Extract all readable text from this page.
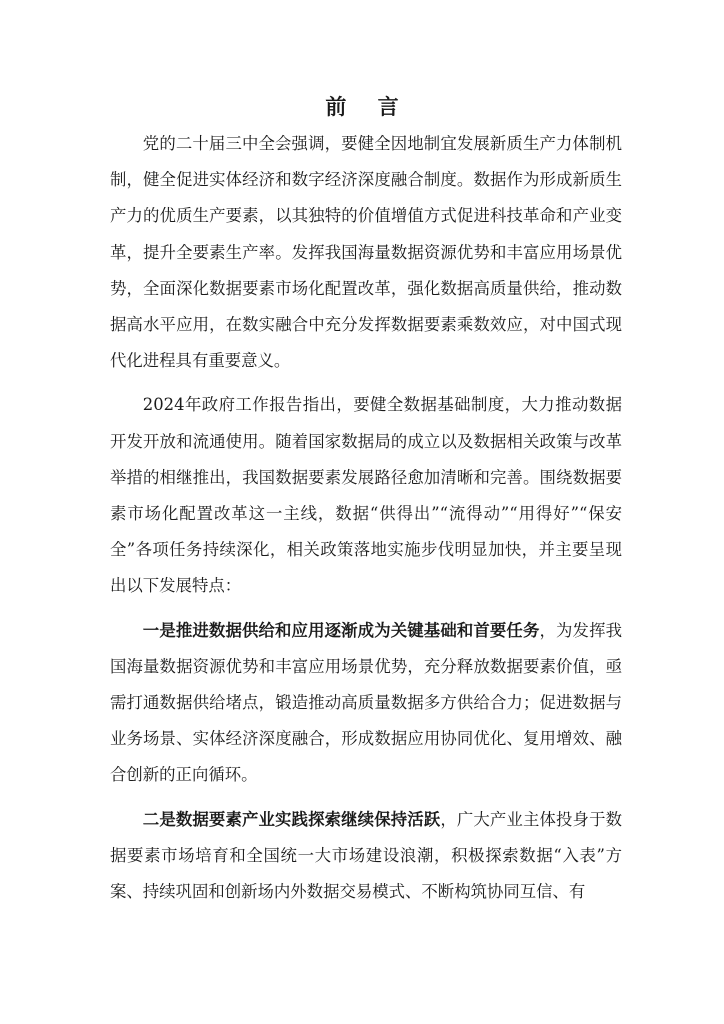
前 言

党的二十届三中全会强调，要健全因地制宜发展新质生产力体制机制，健全促进实体经济和数字经济深度融合制度。数据作为形成新质生产力的优质生产要素，以其独特的价值增值方式促进科技革命和产业变革，提升全要素生产率。发挥我国海量数据资源优势和丰富应用场景优势，全面深化数据要素市场化配置改革，强化数据高质量供给，推动数据高水平应用，在数实融合中充分发挥数据要素乘数效应，对中国式现代化进程具有重要意义。

2024年政府工作报告指出，要健全数据基础制度，大力推动数据开发开放和流通使用。随着国家数据局的成立以及数据相关政策与改革举措的相继推出，我国数据要素发展路径愈加清晰和完善。围绕数据要素市场化配置改革这一主线，数据“供得出”“流得动”“用得好”“保安全”各项任务持续深化，相关政策落地实施步伐明显加快，并主要呈现出以下发展特点：

一是推进数据供给和应用逐渐成为关键基础和首要任务，为发挥我国海量数据资源优势和丰富应用场景优势，充分释放数据要素价值，亟需打通数据供给堵点，锻造推动高质量数据多方供给合力；促进数据与业务场景、实体经济深度融合，形成数据应用协同优化、复用增效、融合创新的正向循环。

二是数据要素产业实践探索继续保持活跃，广大产业主体投身于数据要素市场培育和全国统一大市场建设浪潮，积极探索数据“入表”方案、持续巩固和创新场内外数据交易模式、不断构筑协同互信、有
